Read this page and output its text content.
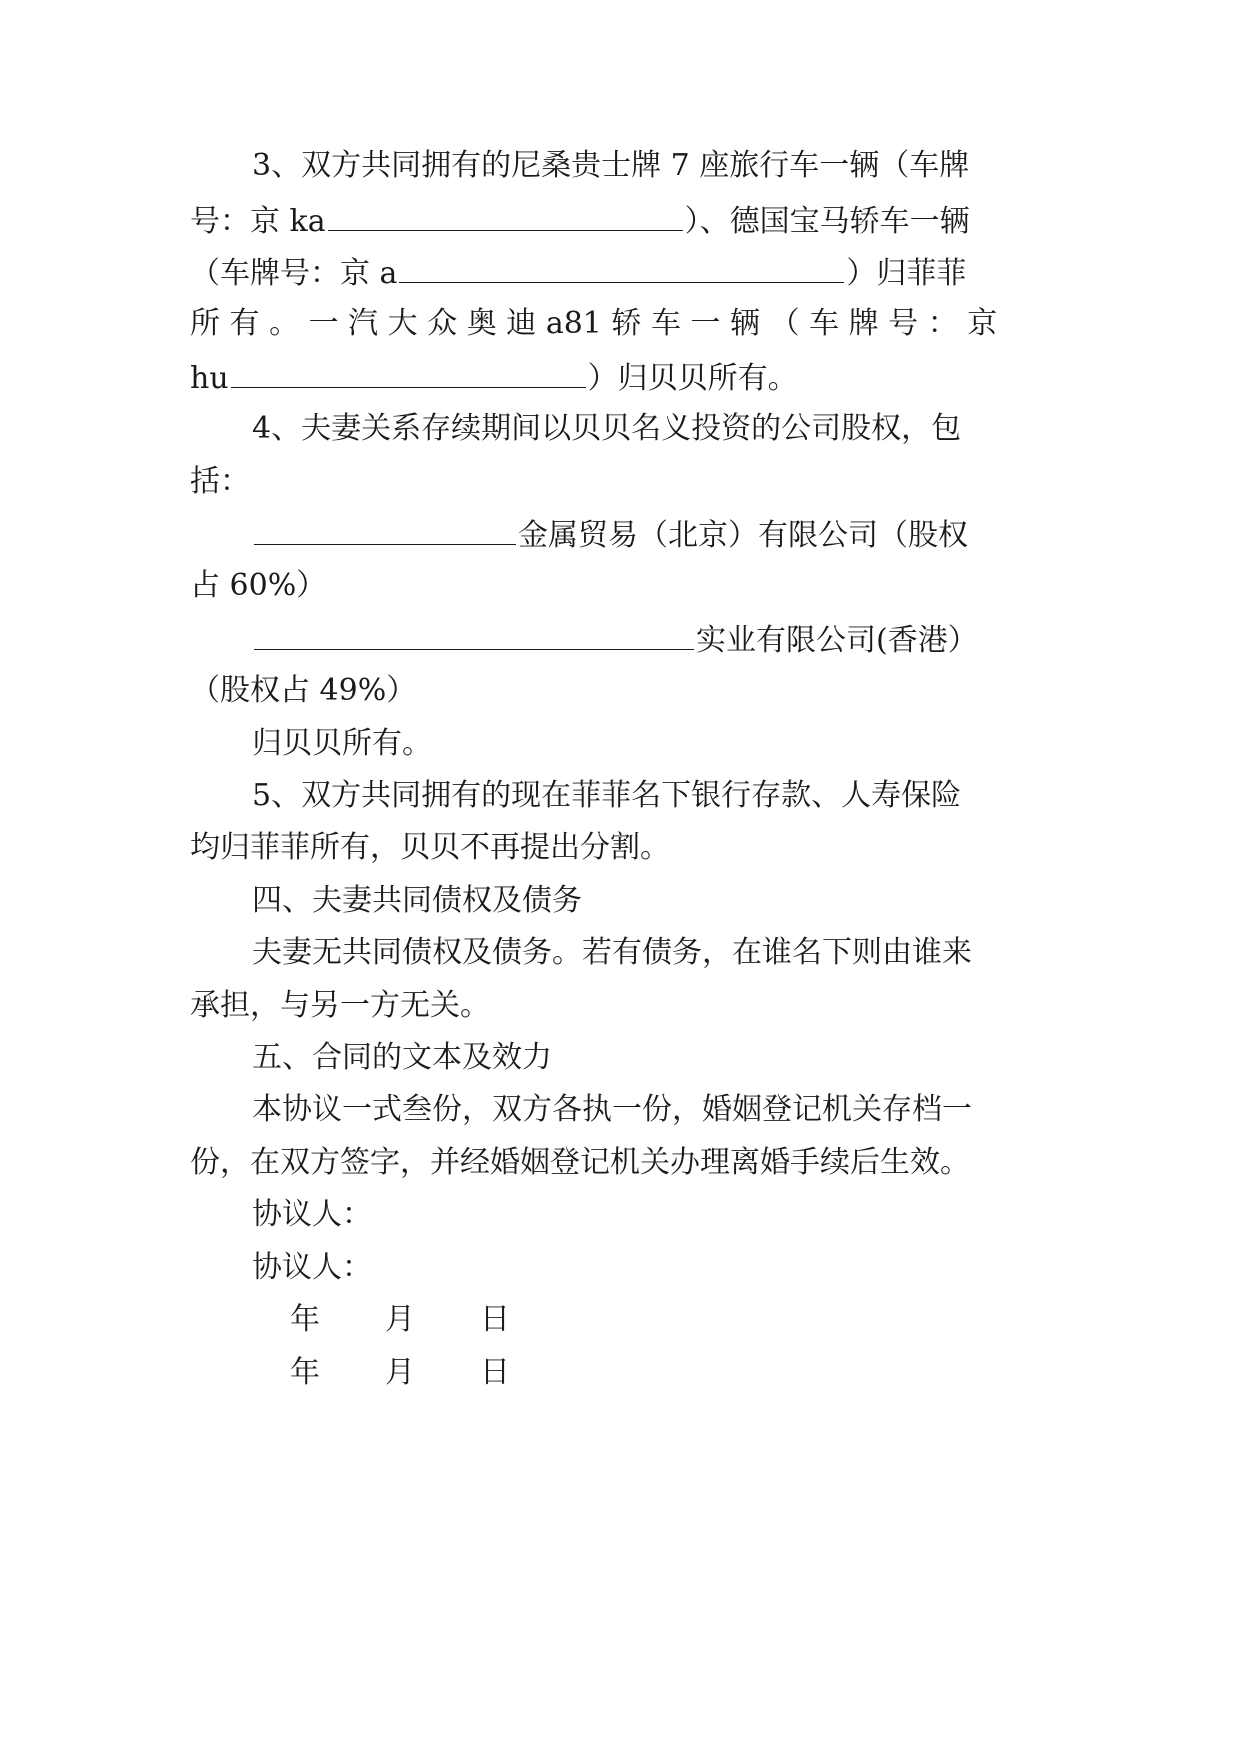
3、双方共同拥有的尼桑贵士牌 7 座旅行车一辆（车牌
号：京 ka	）、德国宝马轿车一辆
（车牌号：京 a	）归菲菲
所 有 。 一 汽 大 众 奥 迪 a81 轿 车 一 辆 （ 车 牌 号 ： 京
hu	）归贝贝所有。
4、夫妻关系存续期间以贝贝名义投资的公司股权，包
括：
金属贸易（北京）有限公司（股权
占 60%）
实业有限公司(香港）
（股权占 49%）
归贝贝所有。
5、双方共同拥有的现在菲菲名下银行存款、人寿保险
均归菲菲所有，贝贝不再提出分割。
四、夫妻共同债权及债务
夫妻无共同债权及债务。若有债务，在谁名下则由谁来
承担，与另一方无关。
五、合同的文本及效力
本协议一式叁份，双方各执一份，婚姻登记机关存档一
份，在双方签字，并经婚姻登记机关办理离婚手续后生效。
协议人：
协议人：
年 月 日
年 月 日
